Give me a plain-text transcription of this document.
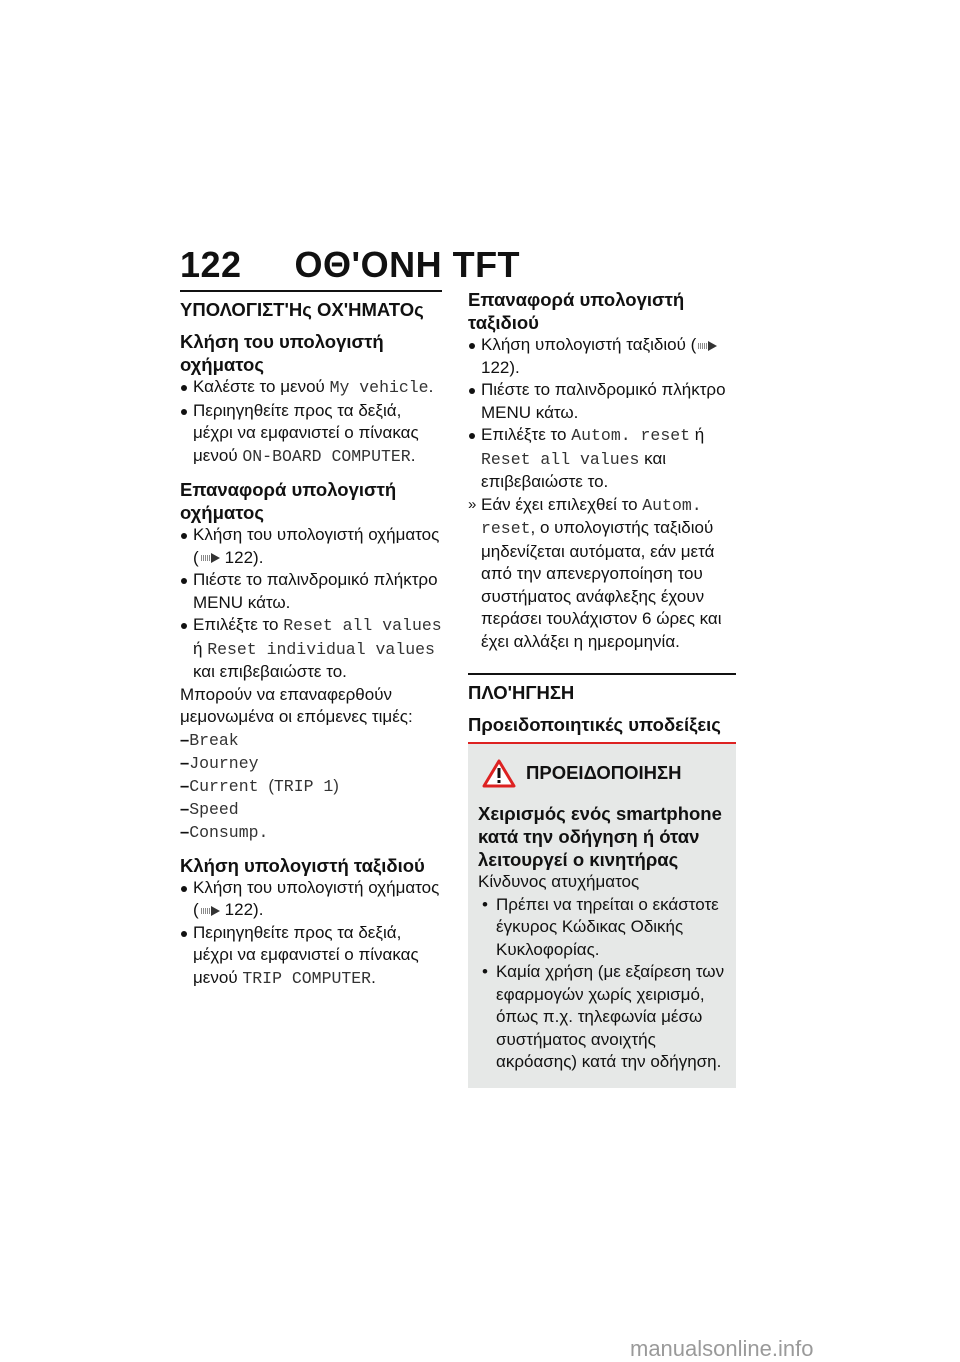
122 ΟΘ'ΟΝΗ TFT
ΥΠΟΛΟΓΙΣΤ'Ης ΟΧ'ΗΜΑΤΟς
Κλήση του υπολογιστή οχήματος
Καλέστε το μενού My vehicle.
Περιηγηθείτε προς τα δεξιά, μέχρι να εμφανιστεί ο πίνακας μενού ON-BOARD COMPUTER.
Επαναφορά υπολογιστή οχήματος
Κλήση του υπολογιστή οχήματος ( 122).
Πιέστε το παλινδρομικό πλήκτρο MENU κάτω.
Επιλέξτε το Reset all values ή Reset individual values και επιβεβαιώστε το.
Μπορούν να επαναφερθούν μεμονωμένα οι επόμενες τιμές:
–Break
–Journey
–Current (TRIP 1)
–Speed
–Consump.
Κλήση υπολογιστή ταξιδιού
Κλήση του υπολογιστή οχήματος ( 122).
Περιηγηθείτε προς τα δεξιά, μέχρι να εμφανιστεί ο πίνακας μενού TRIP COMPUTER.
Επαναφορά υπολογιστή ταξιδιού
Κλήση υπολογιστή ταξιδιού (122).
Πιέστε το παλινδρομικό πλήκτρο MENU κάτω.
Επιλέξτε το Autom. reset ή Reset all values και επιβεβαιώστε το.
» Εάν έχει επιλεχθεί το Autom. reset, ο υπολογιστής ταξιδιού μηδενίζεται αυτόματα, εάν μετά από την απενεργοποίηση του συστήματος ανάφλεξης έχουν περάσει τουλάχιστον 6 ώρες και έχει αλλάξει η ημερομηνία.
ΠΛΟ'ΗΓΗΣΗ
Προειδοποιητικές υποδείξεις
ΠΡΟΕΙΔΟΠΟΙΗΣΗ
Χειρισμός ενός smartphone κατά την οδήγηση ή όταν λειτουργεί ο κινητήρας
Κίνδυνος ατυχήματος
• Πρέπει να τηρείται ο εκάστοτε έγκυρος Κώδικας Οδικής Κυκλοφορίας.
• Καμία χρήση (με εξαίρεση των εφαρμογών χωρίς χειρισμό, όπως π.χ. τηλεφωνία μέσω συστήματος ανοιχτής ακρόασης) κατά την οδήγηση.
manualsonline.info
